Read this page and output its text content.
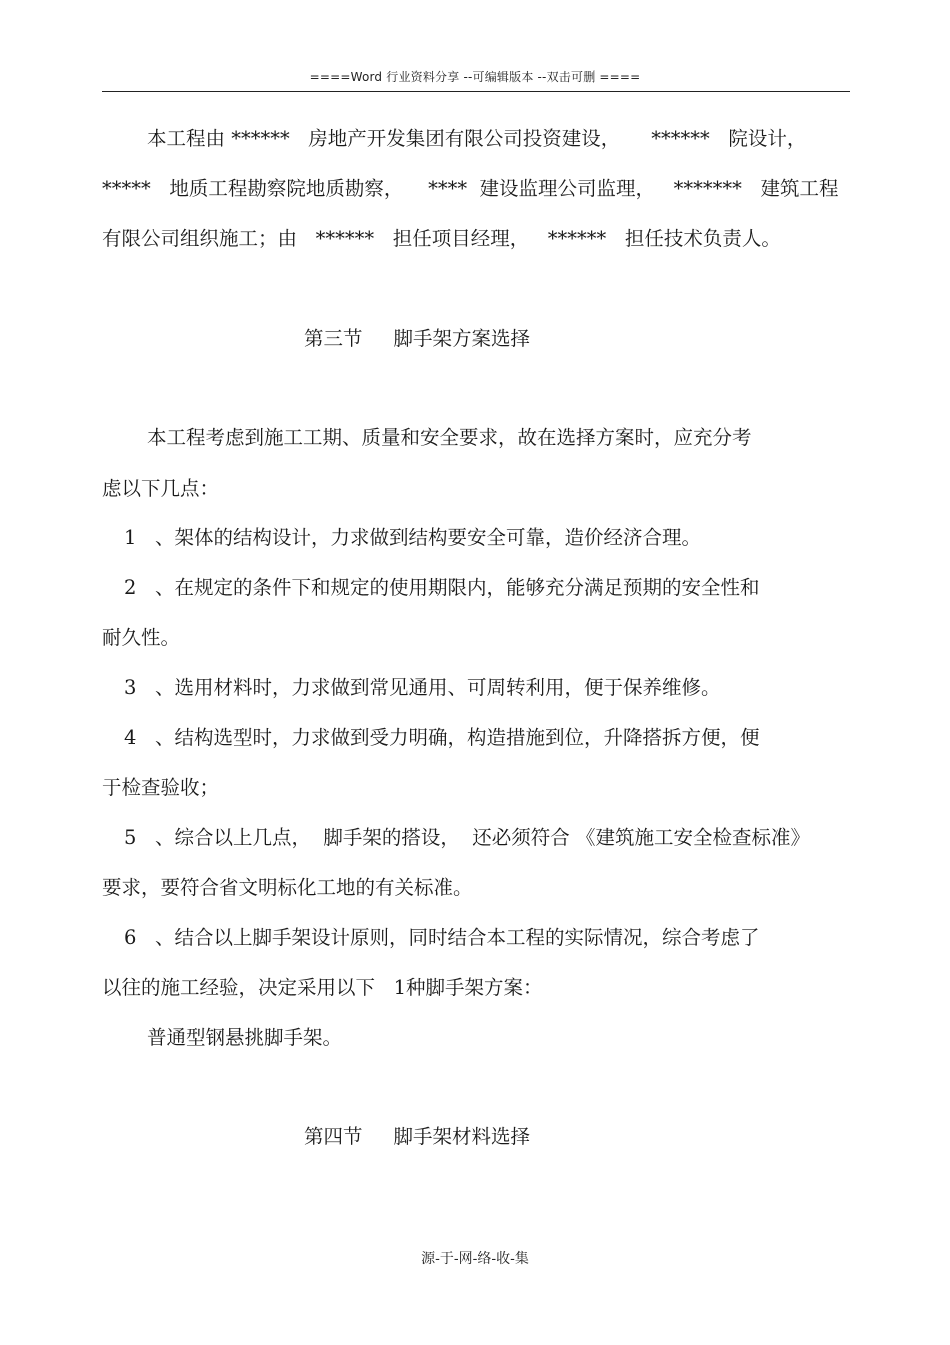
====Word 行业资料分享 --可编辑版本 --双击可删 ====
本工程由 ******   房地产开发集团有限公司投资建设，     ******   院设计，
*****   地质工程勘察院地质勘察，    ****  建设监理公司监理，   *******   建筑工程
有限公司组织施工；由   ******   担任项目经理，   ******   担任技术负责人。
第三节     脚手架方案选择
本工程考虑到施工工期、质量和安全要求，故在选择方案时，应充分考
虑以下几点：
1   、架体的结构设计，力求做到结构要安全可靠，造价经济合理。
2   、在规定的条件下和规定的使用期限内，能够充分满足预期的安全性和
耐久性。
3   、选用材料时，力求做到常见通用、可周转利用，便于保养维修。
4   、结构选型时，力求做到受力明确，构造措施到位，升降搭拆方便，便
于检查验收；
5   、综合以上几点，  脚手架的搭设，  还必须符合 《建筑施工安全检查标准》
要求，要符合省文明标化工地的有关标准。
6   、结合以上脚手架设计原则，同时结合本工程的实际情况，综合考虑了
以往的施工经验，决定采用以下   1种脚手架方案：
普通型钢悬挑脚手架。
第四节     脚手架材料选择
源-于-网-络-收-集
